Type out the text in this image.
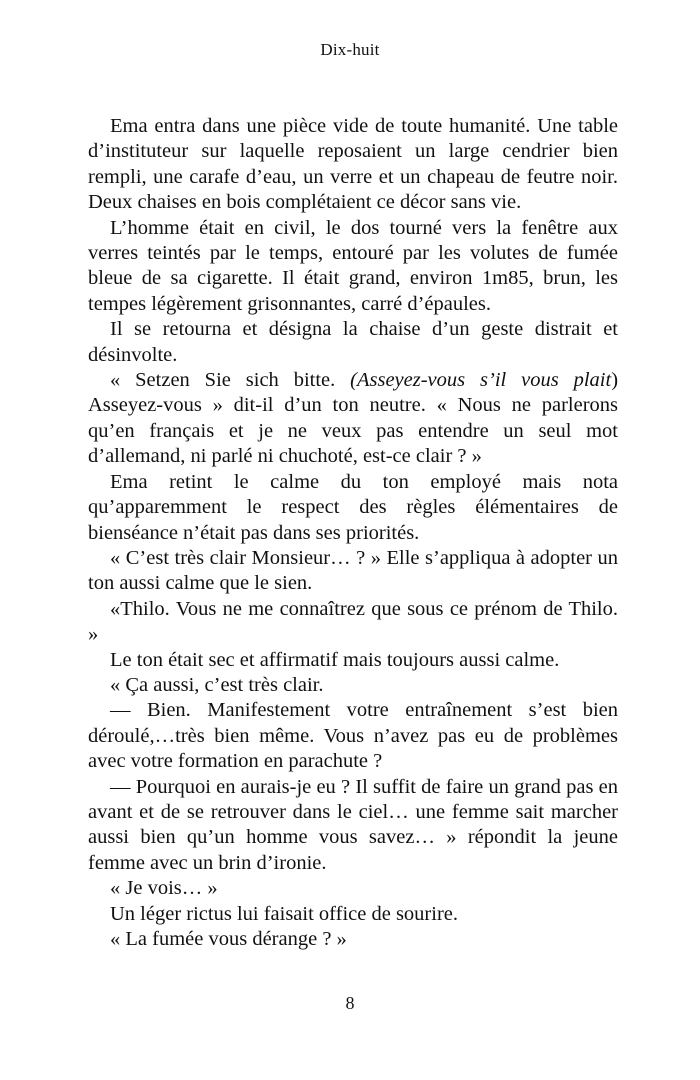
Dix-huit

Ema entra dans une pièce vide de toute humanité. Une table d’instituteur sur laquelle reposaient un large cendrier bien rempli, une carafe d’eau, un verre et un chapeau de feutre noir. Deux chaises en bois complétaient ce décor sans vie.

L’homme était en civil, le dos tourné vers la fenêtre aux verres teintés par le temps, entouré par les volutes de fumée bleue de sa cigarette. Il était grand, environ 1m85, brun, les tempes légèrement grisonnantes, carré d’épaules.

Il se retourna et désigna la chaise d’un geste distrait et désinvolte.

« Setzen Sie sich bitte. (Asseyez-vous s’il vous plait) Asseyez-vous » dit-il d’un ton neutre. « Nous ne parlerons qu’en français et je ne veux pas entendre un seul mot d’allemand, ni parlé ni chuchoté, est-ce clair ? »

Ema retint le calme du ton employé mais nota qu’apparemment le respect des règles élémentaires de bienséance n’était pas dans ses priorités.

« C’est très clair Monsieur… ? » Elle s’appliqua à adopter un ton aussi calme que le sien.

«Thilo. Vous ne me connaîtrez que sous ce prénom de Thilo. »

Le ton était sec et affirmatif mais toujours aussi calme.

« Ça aussi, c’est très clair.

— Bien. Manifestement votre entraînement s’est bien déroulé,…très bien même. Vous n’avez pas eu de problèmes avec votre formation en parachute ?

— Pourquoi en aurais-je eu ? Il suffit de faire un grand pas en avant et de se retrouver dans le ciel… une femme sait marcher aussi bien qu’un homme vous savez… » répondit la jeune femme avec un brin d’ironie.

« Je vois… »

Un léger rictus lui faisait office de sourire.

« La fumée vous dérange ? »

8
